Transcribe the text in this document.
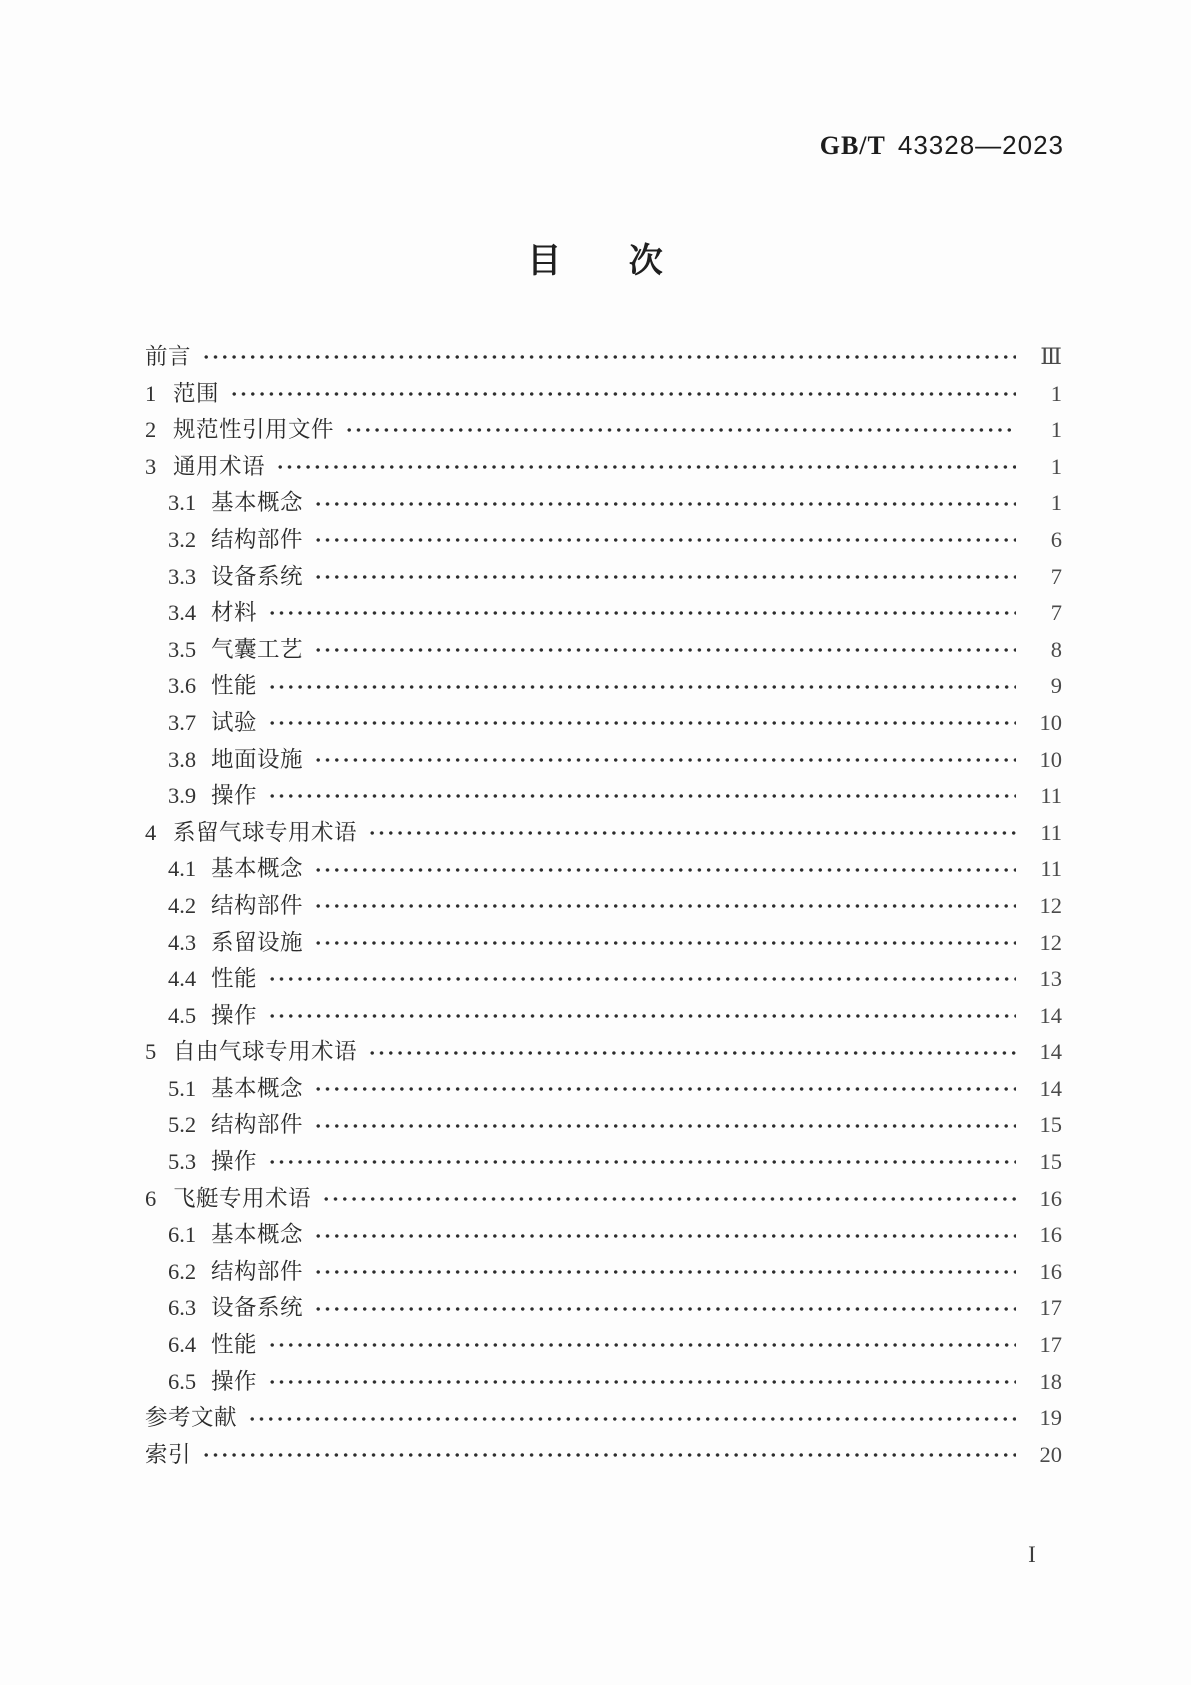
GB/T 43328—2023
目 次
前言	Ⅲ
1 范围	1
2 规范性引用文件	1
3 通用术语	1
3.1 基本概念	1
3.2 结构部件	6
3.3 设备系统	7
3.4 材料	7
3.5 气囊工艺	8
3.6 性能	9
3.7 试验	10
3.8 地面设施	10
3.9 操作	11
4 系留气球专用术语	11
4.1 基本概念	11
4.2 结构部件	12
4.3 系留设施	12
4.4 性能	13
4.5 操作	14
5 自由气球专用术语	14
5.1 基本概念	14
5.2 结构部件	15
5.3 操作	15
6 飞艇专用术语	16
6.1 基本概念	16
6.2 结构部件	16
6.3 设备系统	17
6.4 性能	17
6.5 操作	18
参考文献	19
索引	20
I
